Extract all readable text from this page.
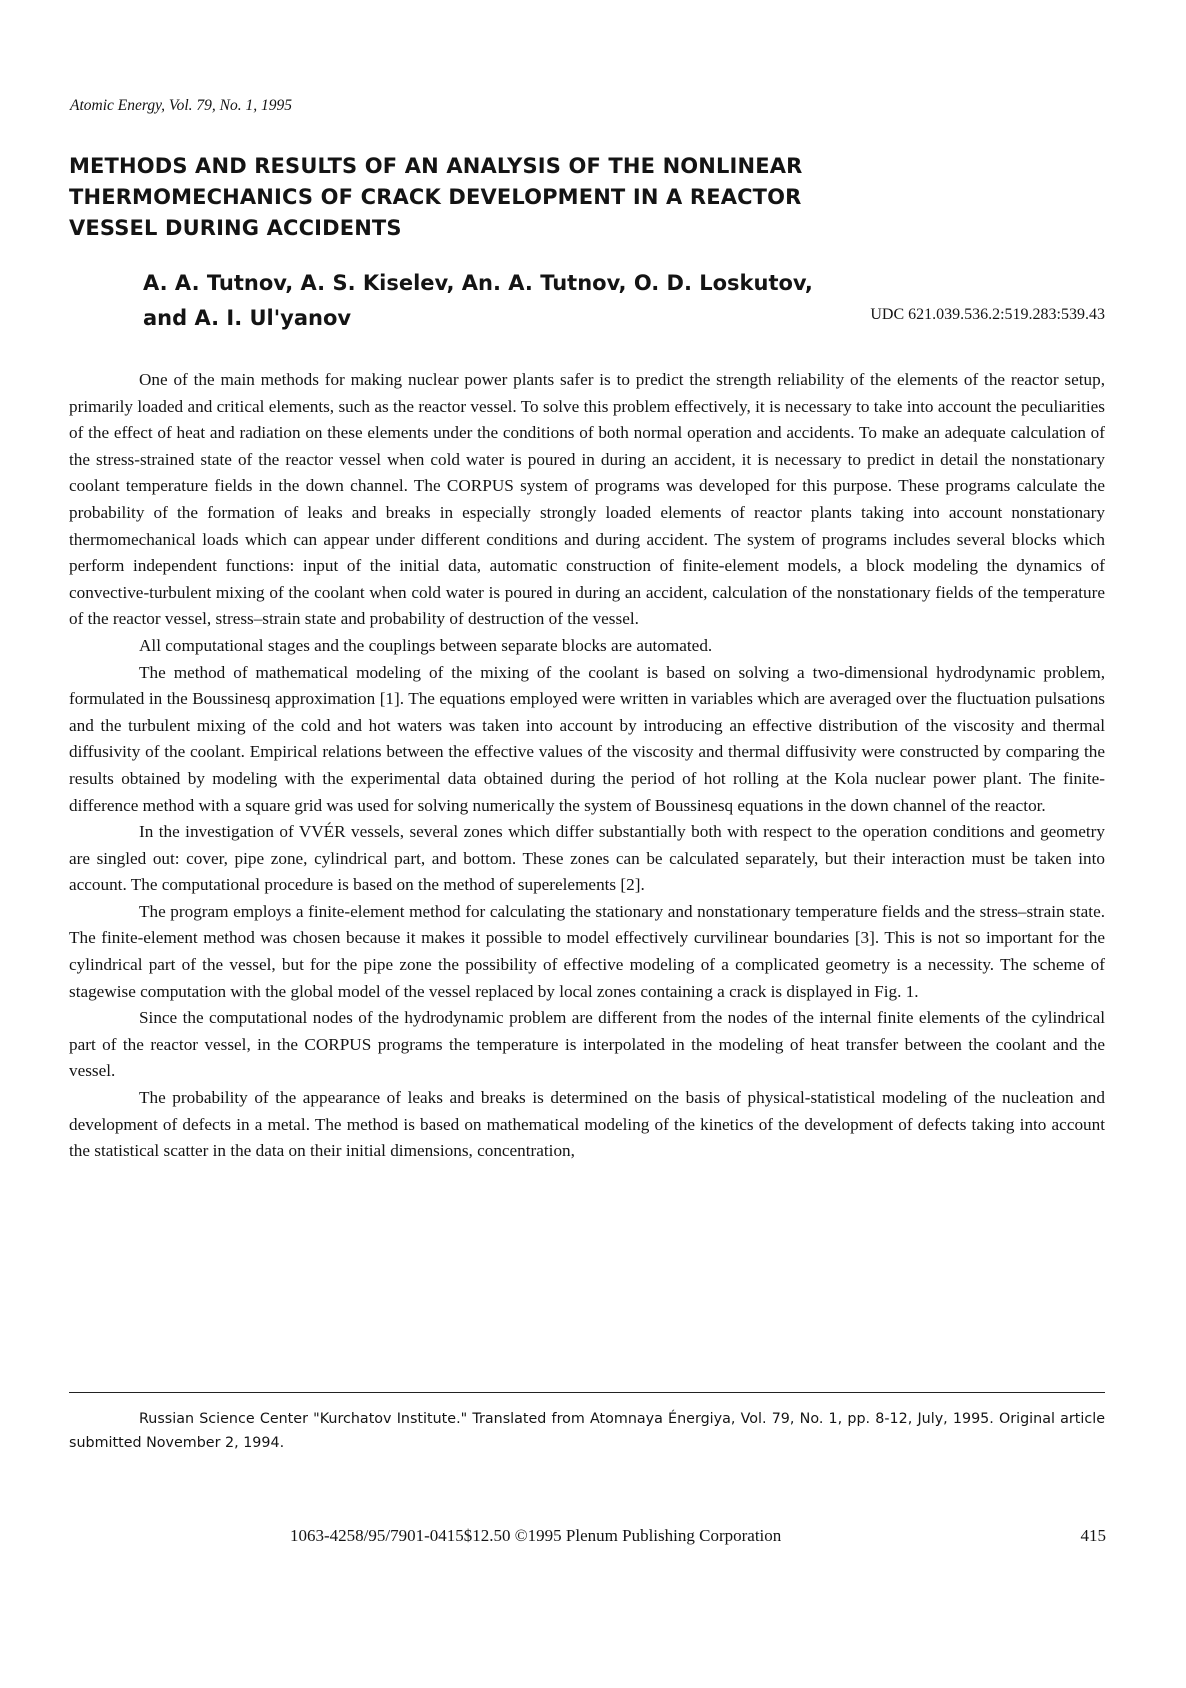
Atomic Energy, Vol. 79, No. 1, 1995
METHODS AND RESULTS OF AN ANALYSIS OF THE NONLINEAR
THERMOMECHANICS OF CRACK DEVELOPMENT IN A REACTOR
VESSEL DURING ACCIDENTS
A. A. Tutnov, A. S. Kiselev, An. A. Tutnov, O. D. Loskutov,
and A. I. Ul'yanov	UDC 621.039.536.2:519.283:539.43

One of the main methods for making nuclear power plants safer is to predict the strength reliability of the elements of the reactor setup, primarily loaded and critical elements, such as the reactor vessel. To solve this problem effectively, it is necessary to take into account the peculiarities of the effect of heat and radiation on these elements under the conditions of both normal operation and accidents. To make an adequate calculation of the stress-strained state of the reactor vessel when cold water is poured in during an accident, it is necessary to predict in detail the nonstationary coolant temperature fields in the down channel. The CORPUS system of programs was developed for this purpose. These programs calculate the probability of the formation of leaks and breaks in especially strongly loaded elements of reactor plants taking into account nonstationary thermomechanical loads which can appear under different conditions and during accident. The system of programs includes several blocks which perform independent functions: input of the initial data, automatic construction of finite-element models, a block modeling the dynamics of convective-turbulent mixing of the coolant when cold water is poured in during an accident, calculation of the nonstationary fields of the temperature of the reactor vessel, stress–strain state and probability of destruction of the vessel.

All computational stages and the couplings between separate blocks are automated.

The method of mathematical modeling of the mixing of the coolant is based on solving a two-dimensional hydrodynamic problem, formulated in the Boussinesq approximation [1]. The equations employed were written in variables which are averaged over the fluctuation pulsations and the turbulent mixing of the cold and hot waters was taken into account by introducing an effective distribution of the viscosity and thermal diffusivity of the coolant. Empirical relations between the effective values of the viscosity and thermal diffusivity were constructed by comparing the results obtained by modeling with the experimental data obtained during the period of hot rolling at the Kola nuclear power plant. The finite-difference method with a square grid was used for solving numerically the system of Boussinesq equations in the down channel of the reactor.

In the investigation of VVÉR vessels, several zones which differ substantially both with respect to the operation conditions and geometry are singled out: cover, pipe zone, cylindrical part, and bottom. These zones can be calculated separately, but their interaction must be taken into account. The computational procedure is based on the method of superelements [2].

The program employs a finite-element method for calculating the stationary and nonstationary temperature fields and the stress–strain state. The finite-element method was chosen because it makes it possible to model effectively curvilinear boundaries [3]. This is not so important for the cylindrical part of the vessel, but for the pipe zone the possibility of effective modeling of a complicated geometry is a necessity. The scheme of stagewise computation with the global model of the vessel replaced by local zones containing a crack is displayed in Fig. 1.

Since the computational nodes of the hydrodynamic problem are different from the nodes of the internal finite elements of the cylindrical part of the reactor vessel, in the CORPUS programs the temperature is interpolated in the modeling of heat transfer between the coolant and the vessel.

The probability of the appearance of leaks and breaks is determined on the basis of physical-statistical modeling of the nucleation and development of defects in a metal. The method is based on mathematical modeling of the kinetics of the development of defects taking into account the statistical scatter in the data on their initial dimensions, concentration,

Russian Science Center "Kurchatov Institute." Translated from Atomnaya Énergiya, Vol. 79, No. 1, pp. 8-12, July, 1995. Original article submitted November 2, 1994.
1063-4258/95/7901-0415$12.50 ©1995 Plenum Publishing Corporation	415
